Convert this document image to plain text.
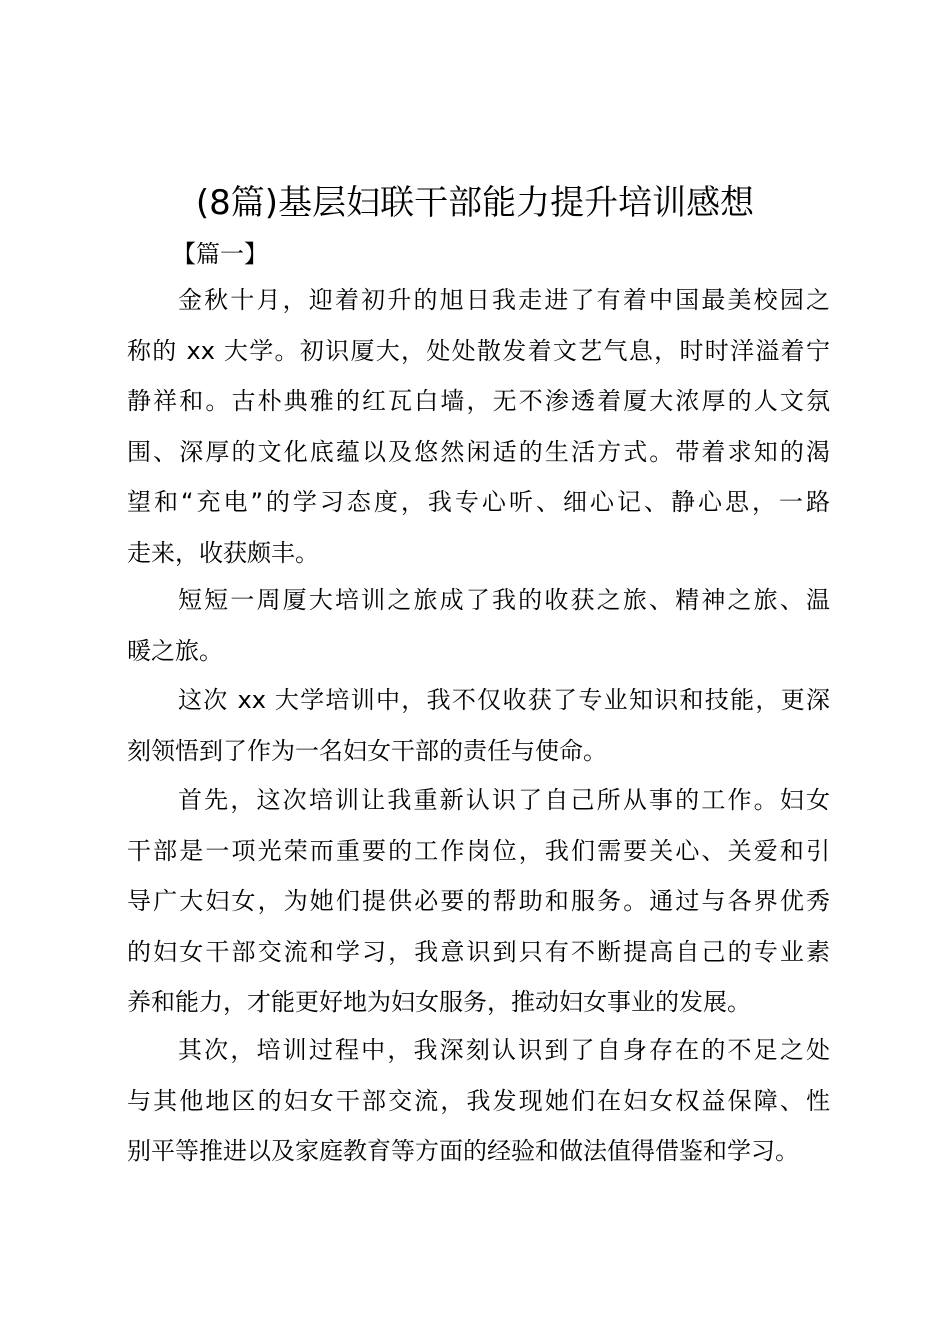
(8篇)基层妇联干部能力提升培训感想
【篇一】
金秋十月，迎着初升的旭日我走进了有着中国最美校园之
称的 xx 大学。初识厦大，处处散发着文艺气息，时时洋溢着宁
静祥和。古朴典雅的红瓦白墙，无不渗透着厦大浓厚的人文氛
围、深厚的文化底蕴以及悠然闲适的生活方式。带着求知的渴
望和“充电”的学习态度，我专心听、细心记、静心思，一路
走来，收获颇丰。
短短一周厦大培训之旅成了我的收获之旅、精神之旅、温
暖之旅。
这次 xx 大学培训中，我不仅收获了专业知识和技能，更深
刻领悟到了作为一名妇女干部的责任与使命。
首先，这次培训让我重新认识了自己所从事的工作。妇女
干部是一项光荣而重要的工作岗位，我们需要关心、关爱和引
导广大妇女，为她们提供必要的帮助和服务。通过与各界优秀
的妇女干部交流和学习，我意识到只有不断提高自己的专业素
养和能力，才能更好地为妇女服务，推动妇女事业的发展。
其次，培训过程中，我深刻认识到了自身存在的不足之处
与其他地区的妇女干部交流，我发现她们在妇女权益保障、性
别平等推进以及家庭教育等方面的经验和做法值得借鉴和学习。
